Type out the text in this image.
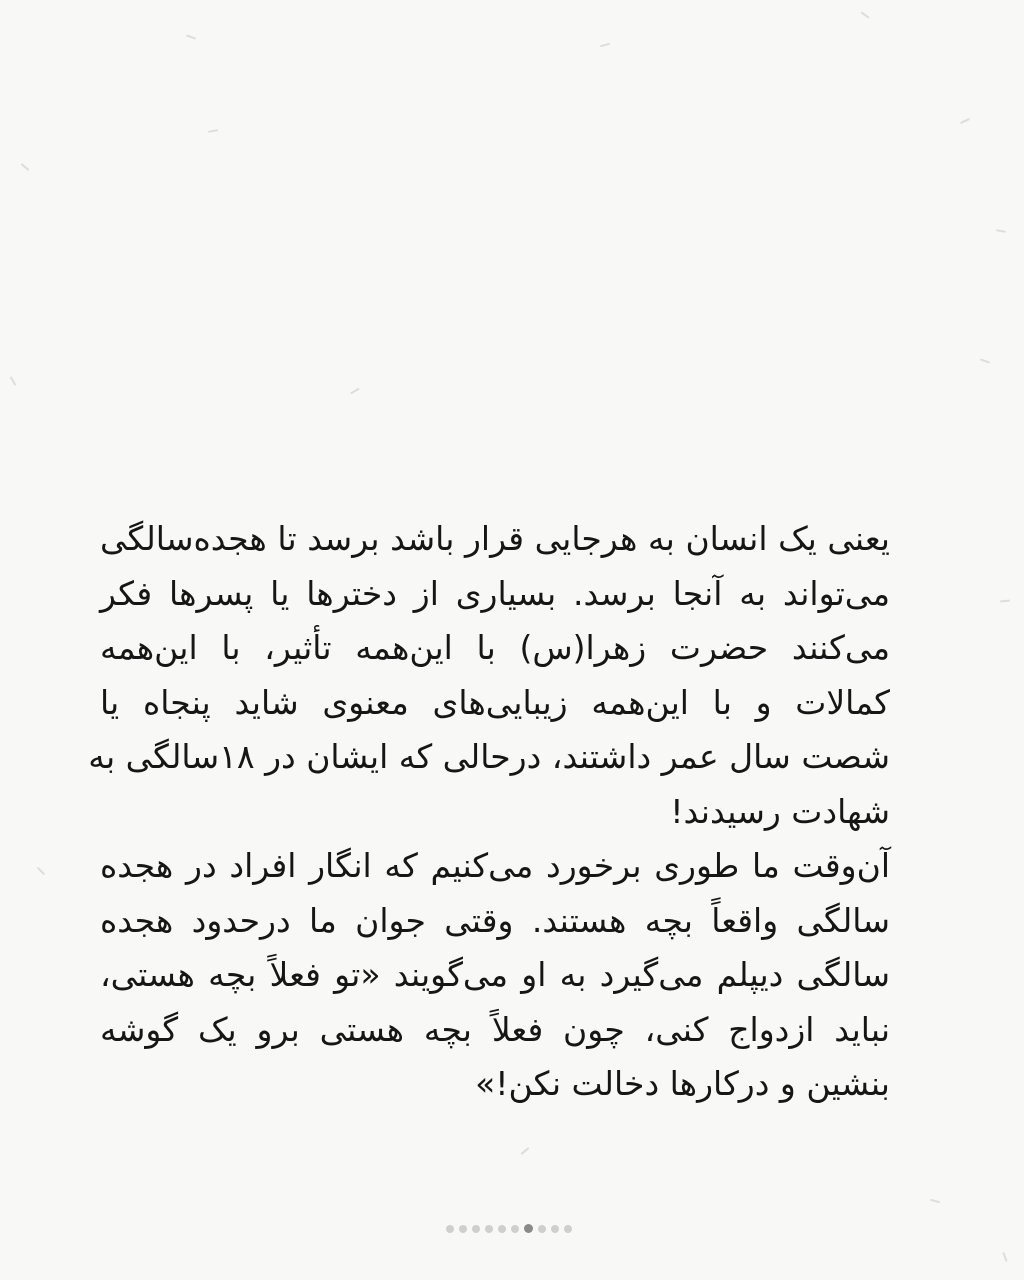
یعنی یک انسان به هرجایی قرار باشد برسد تا هجده‌سالگی
می‌تواند به آنجا برسد. بسیاری از دخترها یا پسرها فکر
می‌کنند حضرت زهرا(س) با این‌همه تأثیر، با این‌همه
کمالات و با این‌همه زیبایی‌های معنوی شاید پنجاه یا
شصت سال عمر داشتند، درحالی که ایشان در ۱۸سالگی به
شهادت رسیدند!
آن‌وقت ما طوری برخورد می‌کنیم که انگار افراد در هجده
سالگی واقعاً بچه هستند. وقتی جوان ما درحدود هجده
سالگی دیپلم می‌گیرد به او می‌گویند «تو فعلاً بچه هستی،
نباید ازدواج کنی، چون فعلاً بچه هستی برو یک گوشه
بنشین و درکارها دخالت نکن!»
